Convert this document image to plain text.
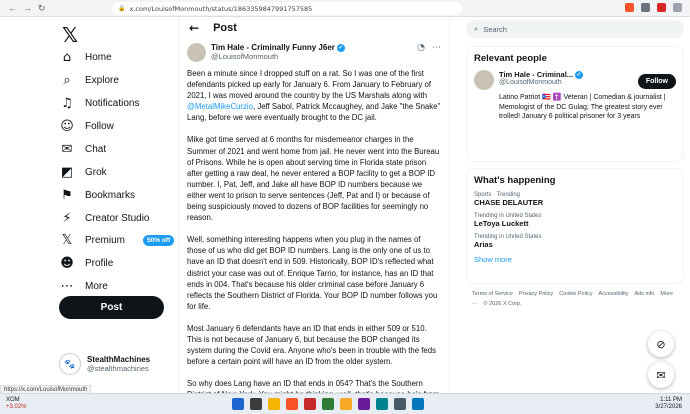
← → ↻	🔒 x.com/LouisofMonmouth/status/1863359847991757585
𝕏
⌂	Home
⌕	Explore
♫ Notifications
☺ Follow
✉ Chat
◩ Grok
⚑ Bookmarks
⚡	Creator Studio
𝕏 Premium	50% off
☻ Profile
⋯ More
Post
🐾	StealthMachines
@stealthmachines
← Post
Tim Hale - Criminally Funny J6er ✓
@LouisofMonmouth
◔ ⋯

Been a minute since I dropped stuff on a rat. So I was one of the first defendants picked up early for January 6. From January to February of 2021, I was moved around the country by the US Marshals along with @MetalMikeCurzio, Jeff Sabol, Patrick Mccaughey, and Jake "the Snake" Lang, before we were eventually brought to the DC jail.

Mike got time served at 6 months for misdemeanor charges in the Summer of 2021 and went home from jail. He never went into the Bureau of Prisons. While he is open about serving time in Florida state prison after getting a raw deal, he never entered a BOP facility to get a BOP ID number. I, Pat, Jeff, and Jake all have BOP ID numbers because we either went to prison to serve sentences (Jeff, Pat and I) or because of being suspiciously moved to dozens of BOP facilities for seemingly no reason.

Well, something interesting happens when you plug in the names of those of us who did get BOP ID numbers. Lang is the only one of us to have an ID that doesn't end in 509. Historically, BOP ID's reflected what district your case was out of. Enrique Tarrio, for instance, has an ID that ends in 004. That's because his older criminal case before January 6 reflects the Southern District of Florida. Your BOP ID number follows you for life.

Most January 6 defendants have an ID that ends in either 509 or 510. This is not because of January 6, but because the BOP changed its system during the Covid era. Anyone who's been in trouble with the feds before a certain point will have an ID from the older system.

So why does Lang have an ID that ends in 054? That's the Southern

⌕ Search
Relevant people
Tim Hale - Criminal... ✓
@LouisofMonmouth	Follow
Latino Patriot 🇵🇷 ✝️ Veteran | Comedian & journalist | Memologist of the DC Gulag; The greatest story ever trolled! January 6 political prisoner for 3 years
What's happening
Sports · Trending
CHASE DELAUTER
Trending in United States
LeToya Luckett
Trending in United States
Arias
Show more
Terms of Service Privacy Policy Cookie Policy Accessibility Ads info More ··· © 2026 X Corp.
⊘
✉
https://x.com/LouisofMonmouth
XOM
+3.02%
1:11 PM
3/27/2026
